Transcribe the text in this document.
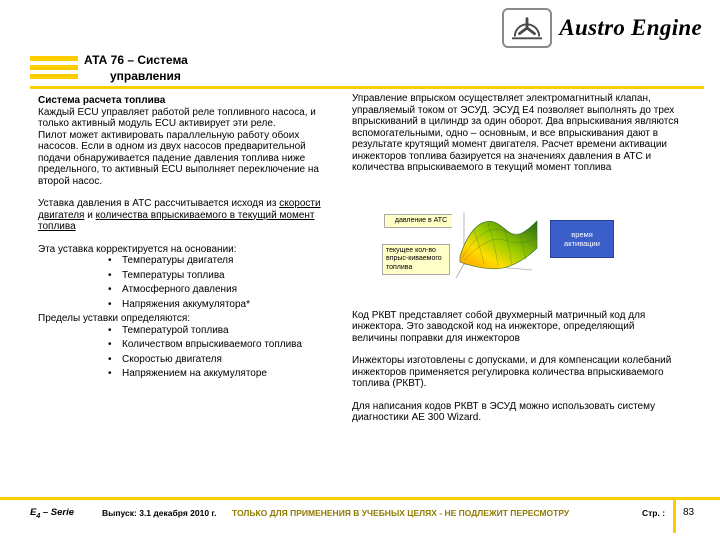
АТА 76 – Система
управления
Austro Engine

Система расчета топлива

Каждый ECU управляет работой реле топливного насоса, и только активный модуль ECU активирует эти реле.

Пилот может активировать параллельную работу обоих насосов. Если в одном из двух насосов предварительной подачи обнаруживается падение давления топлива ниже предельного, то активный ECU выполняет переключение на второй насос.

Уставка давления в АТС рассчитывается исходя из скорости двигателя и количества впрыскиваемого в текущий момент топлива

Эта уставка корректируется на основании:

• Температуры двигателя
• Температуры топлива
• Атмосферного давления
• Напряжения аккумулятора*

Пределы уставки определяются:

• Температурой топлива
• Количеством впрыскиваемого топлива
• Скоростью двигателя
• Напряжением на аккумуляторе

Управление впрыском осуществляет электромагнитный клапан, управляемый током от ЭСУД. ЭСУД E4 позволяет выполнять до трех впрыскиваний в цилиндр за один оборот. Два впрыскивания являются вспомогательными, одно – основным, и все впрыскивания дают в результате крутящий момент двигателя. Расчет времени активации инжекторов топлива базируется на значениях давления в АТС и количества впрыскиваемого в текущий момент топлива

давление в АТС
текущее кол-во впрыс-киваемого топлива
время активации

Код РКВТ представляет собой двухмерный матричный код для инжектора. Это заводской код на инжекторе, определяющий величины поправки для инжекторов

Инжекторы изготовлены с допусками, и для компенсации колебаний инжекторов применяется регулировка количества впрыскиваемого топлива (РКВТ).

Для написания кодов РКВТ в ЭСУД можно использовать систему диагностики AE 300 Wizard.

$E_4$ – Serie	Выпуск: 3.1 декабря 2010 г. ТОЛЬКО ДЛЯ ПРИМЕНЕНИЯ В УЧЕБНЫХ ЦЕЛЯХ - НЕ ПОДЛЕЖИТ ПЕРЕСМОТРУ	Стр. : 83
